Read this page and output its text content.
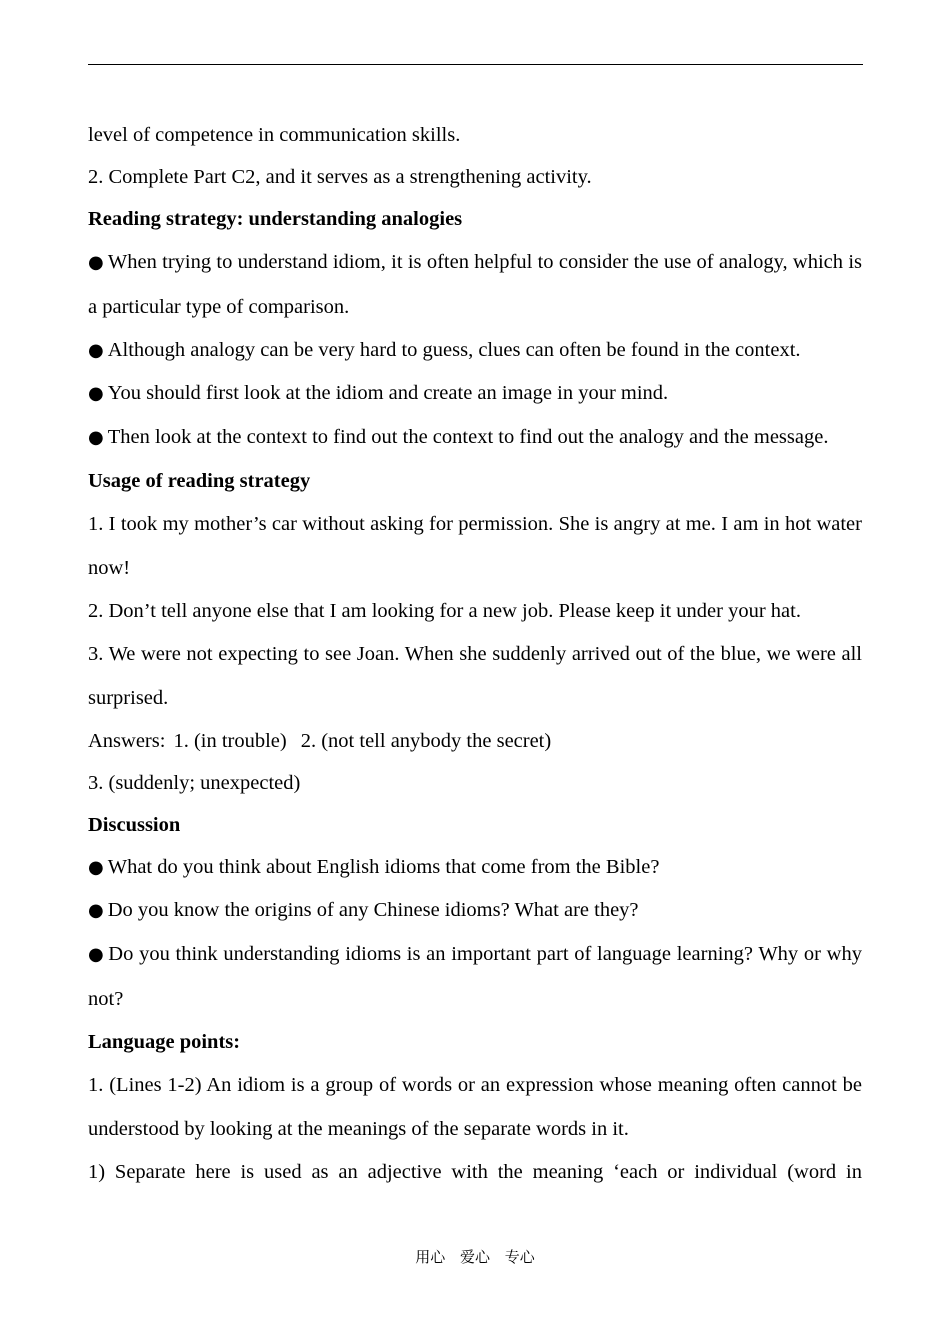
level of competence in communication skills.

2. Complete Part C2, and it serves as a strengthening activity.

Reading strategy: understanding analogies

● When trying to understand idiom, it is often helpful to consider the use of analogy, which is a particular type of comparison.

● Although analogy can be very hard to guess, clues can often be found in the context.

● You should first look at the idiom and create an image in your mind.

● Then look at the context to find out the context to find out the analogy and the message.

Usage of reading strategy

1. I took my mother’s car without asking for permission. She is angry at me. I am in hot water now!

2. Don’t tell anyone else that I am looking for a new job. Please keep it under your hat.

3. We were not expecting to see Joan. When she suddenly arrived out of the blue, we were all surprised.

Answers: 1. (in trouble) 2. (not tell anybody the secret)

3. (suddenly; unexpected)

Discussion

● What do you think about English idioms that come from the Bible?

● Do you know the origins of any Chinese idioms? What are they?

● Do you think understanding idioms is an important part of language learning? Why or why not?

Language points:

1. (Lines 1-2) An idiom is a group of words or an expression whose meaning often cannot be understood by looking at the meanings of the separate words in it.

1) Separate here is used as an adjective with the meaning ‘each or individual (word in

用心 爱心 专心
